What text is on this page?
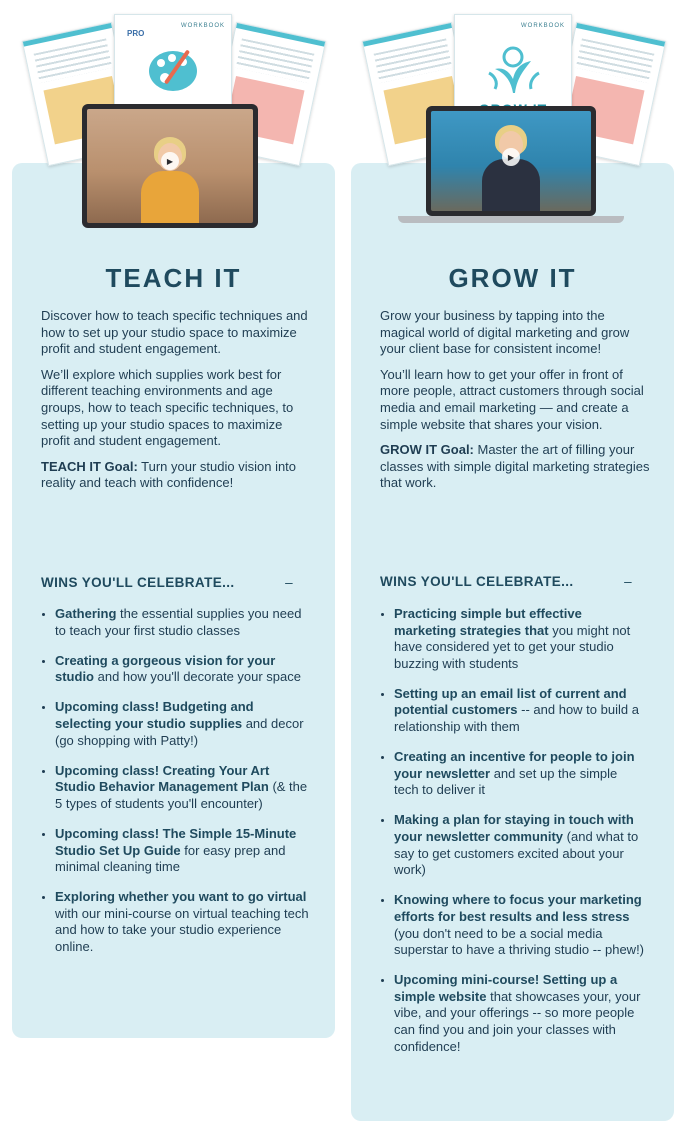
TEACH IT

Discover how to teach specific techniques and how to set up your studio space to maximize profit and student engagement.

We’ll explore which supplies work best for different teaching environments and age groups, how to teach specific techniques, to setting up your studio spaces to maximize profit and student engagement.

TEACH IT Goal: Turn your studio vision into reality and teach with confidence!

WINS YOU'LL CELEBRATE...	–
Gathering the essential supplies you need to teach your first studio classes
Creating a gorgeous vision for your studio and how you'll decorate your space
Upcoming class! Budgeting and selecting your studio supplies and decor (go shopping with Patty!)
Upcoming class! Creating Your Art Studio Behavior Management Plan (& the 5 types of students you'll encounter)
Upcoming class! The Simple 15-Minute Studio Set Up Guide for easy prep and minimal cleaning time
Exploring whether you want to go virtual with our mini-course on virtual teaching tech and how to take your studio experience online.
WORKBOOK
PRO
▶
GROW IT

Grow your business by tapping into the magical world of digital marketing and grow your client base for consistent income!

You’ll learn how to get your offer in front of more people, attract customers through social media and email marketing — and create a simple website that shares your vision.

GROW IT Goal: Master the art of filling your classes with simple digital marketing strategies that work.

WINS YOU'LL CELEBRATE...	–
Practicing simple but effective marketing strategies that you might not have considered yet to get your studio buzzing with students
Setting up an email list of current and potential customers -- and how to build a relationship with them
Creating an incentive for people to join your newsletter and set up the simple tech to deliver it
Making a plan for staying in touch with your newsletter community (and what to say to get customers excited about your work)
Knowing where to focus your marketing efforts for best results and less stress (you don't need to be a social media superstar to have a thriving studio -- phew!)
Upcoming mini-course! Setting up a simple website that showcases your, your vibe, and your offerings -- so more people can find you and join your classes with confidence!
WORKBOOK
▶
